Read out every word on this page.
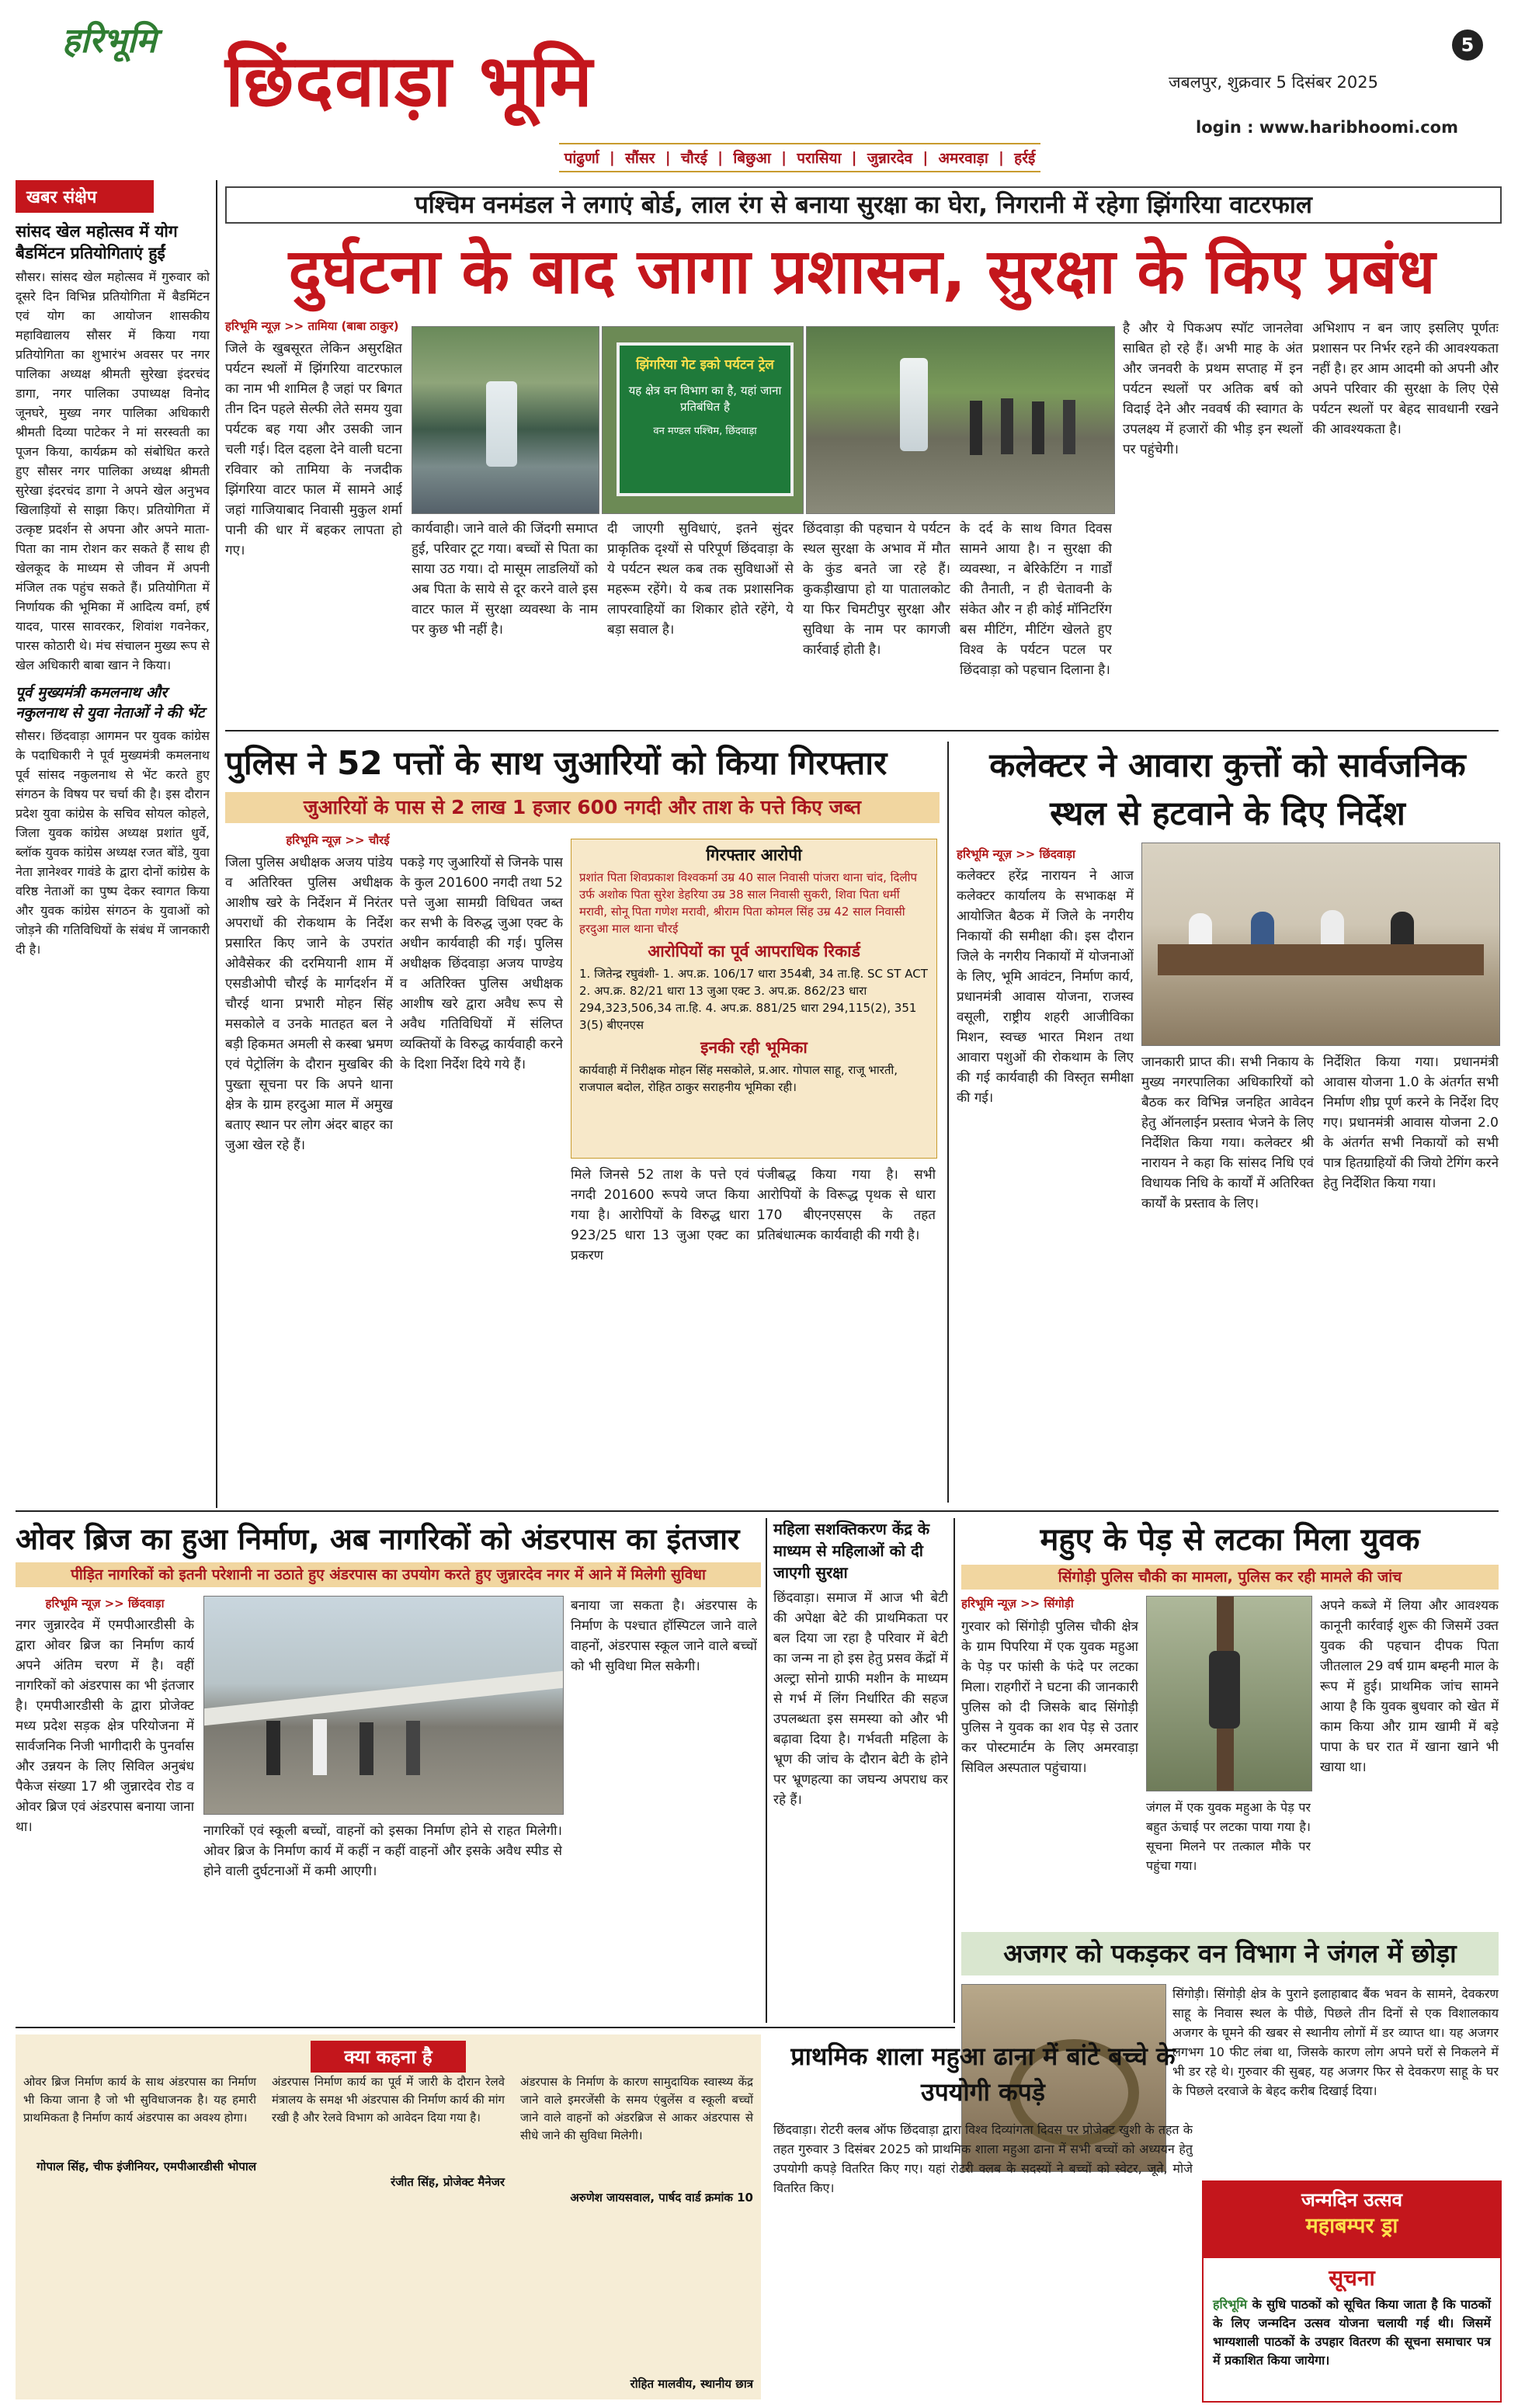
हरिभूमि छिंदवाड़ा भूमि	5
जबलपुर, शुक्रवार 5 दिसंबर 2025
login : www.haribhoomi.com
पांढुर्णा | सौंसर | चौरई | बिछुआ | परासिया | जुन्नारदेव | अमरवाड़ा | हर्रई
खबर संक्षेप
सांसद खेल महोत्सव में योग बैडमिंटन प्रतियोगिताएं हुईं
सौसर। सांसद खेल महोत्सव में गुरुवार को दूसरे दिन विभिन्न प्रतियोगिता में बैडमिंटन एवं योग का आयोजन शासकीय महाविद्यालय सौसर में किया गया प्रतियोगिता का शुभारंभ अवसर पर नगर पालिका अध्यक्ष श्रीमती सुरेखा इंदरचंद डागा, नगर पालिका उपाध्यक्ष विनोद जूनघरे, मुख्य नगर पालिका अधिकारी श्रीमती दिव्या पाटेकर ने मां सरस्वती का पूजन किया, कार्यक्रम को संबोधित करते हुए सौसर नगर पालिका अध्यक्ष श्रीमती सुरेखा इंदरचंद डागा ने अपने खेल अनुभव खिलाड़ियों से साझा किए। प्रतियोगिता में उत्कृष्ट प्रदर्शन से अपना और अपने माता-पिता का नाम रोशन कर सकते हैं साथ ही खेलकूद के माध्यम से जीवन में अपनी मंजिल तक पहुंच सकते हैं। प्रतियोगिता में निर्णायक की भूमिका में आदित्य वर्मा, हर्ष यादव, पारस सावरकर, शिवांश गवनेकर, पारस कोठारी थे। मंच संचालन मुख्य रूप से खेल अधिकारी बाबा खान ने किया।
पूर्व मुख्यमंत्री कमलनाथ और नकुलनाथ से युवा नेताओं ने की भेंट
सौसर। छिंदवाड़ा आगमन पर युवक कांग्रेस के पदाधिकारी ने पूर्व मुख्यमंत्री कमलनाथ पूर्व सांसद नकुलनाथ से भेंट करते हुए संगठन के विषय पर चर्चा की है। इस दौरान प्रदेश युवा कांग्रेस के सचिव सोयल कोहले, जिला युवक कांग्रेस अध्यक्ष प्रशांत धुर्वे, ब्लॉक युवक कांग्रेस अध्यक्ष रजत बोंडे, युवा नेता ज्ञानेश्वर गावंडे के द्वारा दोनों कांग्रेस के वरिष्ठ नेताओं का पुष्प देकर स्वागत किया और युवक कांग्रेस संगठन के युवाओं को जोड़ने की गतिविधियों के संबंध में जानकारी दी है।
पश्चिम वनमंडल ने लगाएं बोर्ड, लाल रंग से बनाया सुरक्षा का घेरा, निगरानी में रहेगा झिंगरिया वाटरफाल
दुर्घटना के बाद जागा प्रशासन, सुरक्षा के किए प्रबंध
हरिभूमि न्यूज़ >> तामिया (बाबा ठाकुर)
जिले के खुबसूरत लेकिन असुरक्षित पर्यटन स्थलों में झिंगरिया वाटरफाल का नाम भी शामिल है जहां पर बिगत तीन दिन पहले सेल्फी लेते समय युवा पर्यटक बह गया और उसकी जान चली गई। दिल दहला देने वाली घटना रविवार को तामिया के नजदीक झिंगरिया वाटर फाल में सामने आई जहां गाजियाबाद निवासी मुकुल शर्मा पानी की धार में बहकर लापता हो गए।
झिंगरिया गेट इको पर्यटन ट्रेल
यह क्षेत्र वन विभाग का है, यहां जाना प्रतिबंधित है
वन मण्डल पश्चिम, छिंदवाड़ा
कार्यवाही। जाने वाले की जिंदगी समाप्त हुई, परिवार टूट गया। बच्चों से पिता का साया उठ गया। दो मासूम लाडलियों को अब पिता के साये से दूर करने वाले इस वाटर फाल में सुरक्षा व्यवस्था के नाम पर कुछ भी नहीं है।
दी जाएगी सुविधाएं, इतने सुंदर प्राकृतिक दृश्यों से परिपूर्ण छिंदवाड़ा के ये पर्यटन स्थल कब तक सुविधाओं से महरूम रहेंगे। ये कब तक प्रशासनिक लापरवाहियों का शिकार होते रहेंगे, ये बड़ा सवाल है।
छिंदवाड़ा की पहचान ये पर्यटन स्थल सुरक्षा के अभाव में मौत के कुंड बनते जा रहे हैं। कुकड़ीखापा हो या पातालकोट या फिर चिमटीपुर सुरक्षा और सुविधा के नाम पर कागजी कार्रवाई होती है।
के दर्द के साथ विगत दिवस सामने आया है। न सुरक्षा की व्यवस्था, न बेरिकेटिंग न गार्डों की तैनाती, न ही चेतावनी के संकेत और न ही कोई मॉनिटरिंग बस मीटिंग, मीटिंग खेलते हुए विश्व के पर्यटन पटल पर छिंदवाड़ा को पहचान दिलाना है।
है और ये पिकअप स्पॉट जानलेवा साबित हो रहे हैं। अभी माह के अंत और जनवरी के प्रथम सप्ताह में इन पर्यटन स्थलों पर अतिक बर्ष को विदाई देने और नववर्ष की स्वागत के उपलक्ष्य में हजारों की भीड़ इन स्थलों पर पहुंचेगी।
अभिशाप न बन जाए इसलिए पूर्णतः प्रशासन पर निर्भर रहने की आवश्यकता नहीं है। हर आम आदमी को अपनी और अपने परिवार की सुरक्षा के लिए ऐसे पर्यटन स्थलों पर बेहद सावधानी रखने की आवश्यकता है।
पुलिस ने 52 पत्तों के साथ जुआरियों को किया गिरफ्तार
जुआरियों के पास से 2 लाख 1 हजार 600 नगदी और ताश के पत्ते किए जब्त
हरिभूमि न्यूज़ >> चौरई
जिला पुलिस अधीक्षक अजय पांडेय व अतिरिक्त पुलिस अधीक्षक आशीष खरे के निर्देशन में निरंतर अपराधों की रोकथाम के निर्देश प्रसारित किए जाने के उपरांत ओवैसेकर की दरमियानी शाम में एसडीओपी चौरई के मार्गदर्शन में चौरई थाना प्रभारी मोहन सिंह मसकोले व उनके मातहत बल ने बड़ी हिकमत अमली से कस्बा भ्रमण एवं पेट्रोलिंग के दौरान मुखबिर की पुख्ता सूचना पर कि अपने थाना क्षेत्र के ग्राम हरदुआ माल में अमुख बताए स्थान पर लोग अंदर बाहर का जुआ खेल रहे हैं।
पकड़े गए जुआरियों से जिनके पास के कुल 201600 नगदी तथा 52 पत्ते जुआ सामग्री विधिवत जब्त कर सभी के विरुद्ध जुआ एक्ट के अधीन कार्यवाही की गई। पुलिस अधीक्षक छिंदवाड़ा अजय पाण्डेय व अतिरिक्त पुलिस अधीक्षक आशीष खरे द्वारा अवैध रूप से अवैध गतिविधियों में संलिप्त व्यक्तियों के विरुद्ध कार्यवाही करने के दिशा निर्देश दिये गये हैं।
गिरफ्तार आरोपी
प्रशांत पिता शिवप्रकाश विश्वकर्मा उम्र 40 साल निवासी पांजरा थाना चांद, दिलीप उर्फ अशोक पिता सुरेश डेहरिया उम्र 38 साल निवासी सुकरी, शिवा पिता धर्मी मरावी, सोनू पिता गणेश मरावी, श्रीराम पिता कोमल सिंह उम्र 42 साल निवासी हरदुआ माल थाना चौरई
आरोपियों का पूर्व आपराधिक रिकार्ड
1. जितेन्द्र रघुवंशी- 1. अप.क्र. 106/17 धारा 354बी, 34 ता.हि. SC ST ACT 2. अप.क्र. 82/21 धारा 13 जुआ एक्ट 3. अप.क्र. 862/23 धारा 294,323,506,34 ता.हि. 4. अप.क्र. 881/25 धारा 294,115(2), 351 3(5) बीएनएस
इनकी रही भूमिका
कार्यवाही में निरीक्षक मोहन सिंह मसकोले, प्र.आर. गोपाल साहू, राजू भारती, राजपाल बदोल, रोहित ठाकुर सराहनीय भूमिका रही।
मिले जिनसे 52 ताश के पत्ते एवं नगदी 201600 रूपये जप्त किया गया है। आरोपियों के विरुद्ध धारा 923/25 धारा 13 जुआ एक्ट का प्रकरण
पंजीबद्ध किया गया है। सभी आरोपियों के विरूद्ध पृथक से धारा 170 बीएनएसएस के तहत प्रतिबंधात्मक कार्यवाही की गयी है।
कलेक्टर ने आवारा कुत्तों को सार्वजनिक स्थल से हटवाने के दिए निर्देश
हरिभूमि न्यूज़ >> छिंदवाड़ा
कलेक्टर हरेंद्र नारायन ने आज कलेक्टर कार्यालय के सभाकक्ष में आयोजित बैठक में जिले के नगरीय निकायों की समीक्षा की। इस दौरान जिले के नगरीय निकायों में योजनाओं के लिए, भूमि आवंटन, निर्माण कार्य, प्रधानमंत्री आवास योजना, राजस्व वसूली, राष्ट्रीय शहरी आजीविका मिशन, स्वच्छ भारत मिशन तथा आवारा पशुओं की रोकथाम के लिए की गई कार्यवाही की विस्तृत समीक्षा की गई।
जानकारी प्राप्त की। सभी निकाय के मुख्य नगरपालिका अधिकारियों को बैठक कर विभिन्न जनहित आवेदन हेतु ऑनलाईन प्रस्ताव भेजने के लिए निर्देशित किया गया। कलेक्टर श्री नारायन ने कहा कि सांसद निधि एवं विधायक निधि के कार्यों में अतिरिक्त कार्यों के प्रस्ताव के लिए।
निर्देशित किया गया। प्रधानमंत्री आवास योजना 1.0 के अंतर्गत सभी निर्माण शीघ्र पूर्ण करने के निर्देश दिए गए। प्रधानमंत्री आवास योजना 2.0 के अंतर्गत सभी निकायों को सभी पात्र हितग्राहियों की जियो टेगिंग करने हेतु निर्देशित किया गया।
ओवर ब्रिज का हुआ निर्माण, अब नागरिकों को अंडरपास का इंतजार
पीड़ित नागरिकों को इतनी परेशानी ना उठाते हुए अंडरपास का उपयोग करते हुए जुन्नारदेव नगर में आने में मिलेगी सुविधा
हरिभूमि न्यूज़ >> छिंदवाड़ा
नगर जुन्नारदेव में एमपीआरडीसी के द्वारा ओवर ब्रिज का निर्माण कार्य अपने अंतिम चरण में है। वहीं नागरिकों को अंडरपास का भी इंतजार है। एमपीआरडीसी के द्वारा प्रोजेक्ट मध्य प्रदेश सड़क क्षेत्र परियोजना में सार्वजनिक निजी भागीदारी के पुनर्वास और उन्नयन के लिए सिविल अनुबंध पैकेज संख्या 17 श्री जुन्नारदेव रोड व ओवर ब्रिज एवं अंडरपास बनाया जाना था।	नागरिकों एवं स्कूली बच्चों, वाहनों को इसका निर्माण होने से राहत मिलेगी। ओवर ब्रिज के निर्माण कार्य में कहीं न कहीं वाहनों और इसके अवैध स्पीड से होने वाली दुर्घटनाओं में कमी आएगी।
बनाया जा सकता है। अंडरपास के निर्माण के पश्चात हॉस्पिटल जाने वाले वाहनों, अंडरपास स्कूल जाने वाले बच्चों को भी सुविधा मिल सकेगी।
महिला सशक्तिकरण केंद्र के माध्यम से महिलाओं को दी जाएगी सुरक्षा
छिंदवाड़ा। समाज में आज भी बेटी की अपेक्षा बेटे की प्राथमिकता पर बल दिया जा रहा है परिवार में बेटी का जन्म ना हो इस हेतु प्रसव केंद्रों में अल्ट्रा सोनो ग्राफी मशीन के माध्यम से गर्भ में लिंग निर्धारित की सहज उपलब्धता इस समस्या को और भी बढ़ावा दिया है। गर्भवती महिला के भ्रूण की जांच के दौरान बेटी के होने पर भ्रूणहत्या का जघन्य अपराध कर रहे हैं।
महुए के पेड़ से लटका मिला युवक
सिंगोड़ी पुलिस चौकी का मामला, पुलिस कर रही मामले की जांच
हरिभूमि न्यूज़ >> सिंगोड़ी
गुरवार को सिंगोड़ी पुलिस चौकी क्षेत्र के ग्राम पिपरिया में एक युवक महुआ के पेड़ पर फांसी के फंदे पर लटका मिला। राहगीरों ने घटना की जानकारी पुलिस को दी जिसके बाद सिंगोड़ी पुलिस ने युवक का शव पेड़ से उतार कर पोस्टमार्टम के लिए अमरवाड़ा सिविल अस्पताल पहुंचाया।
अपने कब्जे में लिया और आवश्यक कानूनी कार्रवाई शुरू की जिसमें उक्त युवक की पहचान दीपक पिता जीतलाल 29 वर्ष ग्राम बम्हनी माल के रूप में हुई। प्राथमिक जांच सामने आया है कि युवक बुधवार को खेत में काम किया और ग्राम खामी में बड़े पापा के घर रात में खाना खाने भी खाया था।
जंगल में एक युवक महुआ के पेड़ पर बहुत ऊंचाई पर लटका पाया गया है। सूचना मिलने पर तत्काल मौके पर पहुंचा गया।
अजगर को पकड़कर वन विभाग ने जंगल में छोड़ा
सिंगोड़ी। सिंगोड़ी क्षेत्र के पुराने इलाहाबाद बैंक भवन के सामने, देवकरण साहू के निवास स्थल के पीछे, पिछले तीन दिनों से एक विशालकाय अजगर के घूमने की खबर से स्थानीय लोगों में डर व्याप्त था। यह अजगर लगभग 10 फीट लंबा था, जिसके कारण लोग अपने घरों से निकलने में भी डर रहे थे। गुरुवार की सुबह, यह अजगर फिर से देवकरण साहू के घर के पिछले दरवाजे के बेहद करीब दिखाई दिया।
क्या कहना है
ओवर ब्रिज निर्माण कार्य के साथ अंडरपास का निर्माण भी किया जाना है जो भी सुविधाजनक है। यह हमारी प्राथमिकता है निर्माण कार्य अंडरपास का अवश्य होगा।
गोपाल सिंह, चीफ इंजीनियर, एमपीआरडीसी भोपाल
अंडरपास निर्माण कार्य का पूर्व में जारी के दौरान रेलवे मंत्रालय के समक्ष भी अंडरपास की निर्माण कार्य की मांग रखी है और रेलवे विभाग को आवेदन दिया गया है।
रंजीत सिंह, प्रोजेक्ट मैनेजर
अंडरपास के निर्माण के कारण सामुदायिक स्वास्थ्य केंद्र जाने वाले इमरजेंसी के समय एंबुलेंस व स्कूली बच्चों जाने वाले वाहनों को अंडरब्रिज से आकर अंडरपास से सीधे जाने की सुविधा मिलेगी।
अरुणेश जायसवाल, पार्षद वार्ड क्रमांक 10
रोहित मालवीय, स्थानीय छात्र
प्राथमिक शाला महुआ ढाना में बांटे बच्चे के उपयोगी कपड़े
छिंदवाड़ा। रोटरी क्लब ऑफ छिंदवाड़ा द्वारा विश्व दिव्यांगता दिवस पर प्रोजेक्ट खुशी के तहत के तहत गुरुवार 3 दिसंबर 2025 को प्राथमिक शाला महुआ ढाना में सभी बच्चों को अध्ययन हेतु उपयोगी कपड़े वितरित किए गए। यहां रोटरी क्लब के सदस्यों ने बच्चों को स्वेटर, जूते, मोजे वितरित किए।
जन्मदिन उत्सव
महाबम्पर ड्रा
सूचना
हरिभूमि के सुधि पाठकों को सूचित किया जाता है कि पाठकों के लिए जन्मदिन उत्सव योजना चलायी गई थी। जिसमें भाग्यशाली पाठकों के उपहार वितरण की सूचना समाचार पत्र में प्रकाशित किया जायेगा।
